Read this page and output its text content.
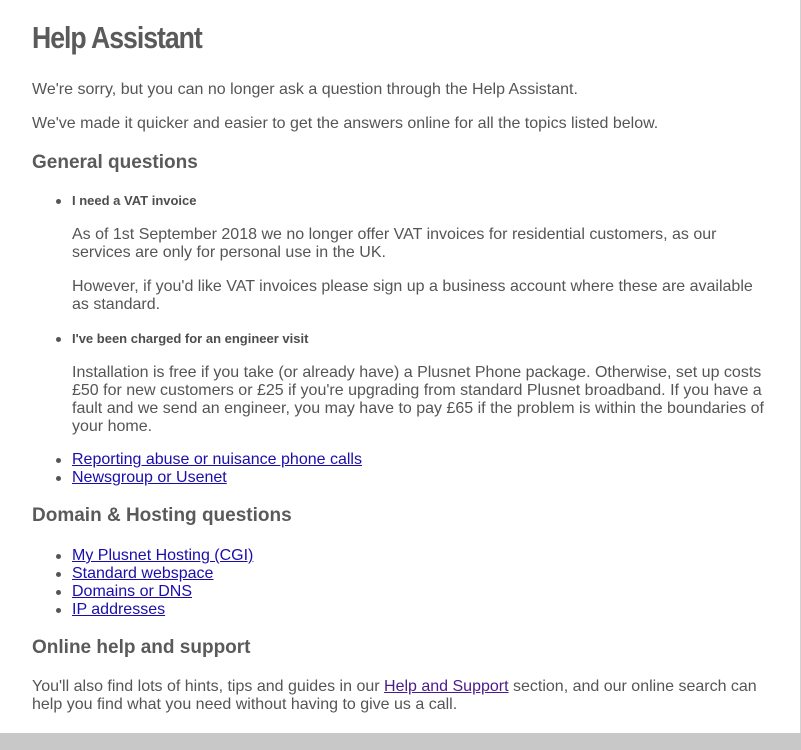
Help Assistant

We're sorry, but you can no longer ask a question through the Help Assistant.

We've made it quicker and easier to get the answers online for all the topics listed below.

General questions
I need a VAT invoice
As of 1st September 2018 we no longer offer VAT invoices for residential customers, as our services are only for personal use in the UK.
However, if you'd like VAT invoices please sign up a business account where these are available as standard.
I've been charged for an engineer visit
Installation is free if you take (or already have) a Plusnet Phone package. Otherwise, set up costs £50 for new customers or £25 if you're upgrading from standard Plusnet broadband. If you have a fault and we send an engineer, you may have to pay £65 if the problem is within the boundaries of your home.
Reporting abuse or nuisance phone calls
Newsgroup or Usenet
Domain & Hosting questions
My Plusnet Hosting (CGI)
Standard webspace
Domains or DNS
IP addresses
Online help and support

You'll also find lots of hints, tips and guides in our Help and Support section, and our online search can help you find what you need without having to give us a call.
